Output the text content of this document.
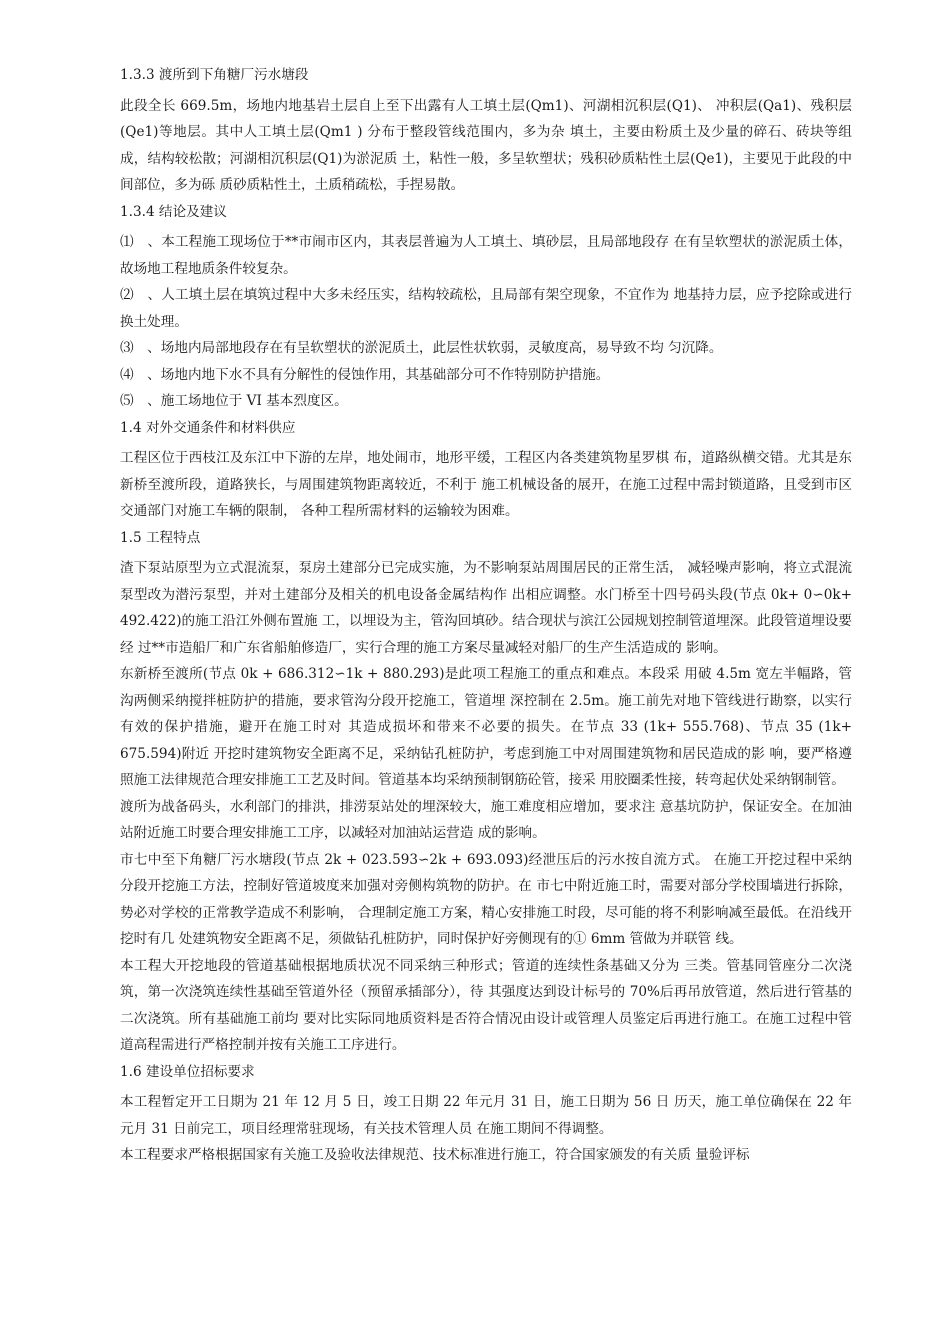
1.3.3 渡所到下角糖厂污水塘段

此段全长 669.5m，场地内地基岩土层自上至下出露有人工填土层(Qm1)、河湖相沉积层(Q1)、 冲积层(Qa1)、残积层(Qe1)等地层。其中人工填土层(Qm1 ) 分布于整段管线范围内，多为杂 填土，主要由粉质土及少量的碎石、砖块等组成，结构较松散；河湖相沉积层(Q1)为淤泥质 土，粘性一般，多呈软塑状；残积砂质粘性土层(Qe1)，主要见于此段的中间部位，多为砾 质砂质粘性土，土质稍疏松，手捏易散。

1.3.4 结论及建议

⑴　、本工程施工现场位于**市闹市区内，其表层普遍为人工填土、填砂层，且局部地段存 在有呈软塑状的淤泥质土体，故场地工程地质条件较复杂。

⑵　、人工填土层在填筑过程中大多未经压实，结构较疏松，且局部有架空现象，不宜作为 地基持力层，应予挖除或进行换土处理。

⑶　、场地内局部地段存在有呈软塑状的淤泥质土，此层性状软弱，灵敏度高，易导致不均 匀沉降。

⑷　、场地内地下水不具有分解性的侵蚀作用，其基础部分可不作特别防护措施。

⑸　、施工场地位于 VI 基本烈度区。

1.4 对外交通条件和材料供应

工程区位于西枝江及东江中下游的左岸，地处闹市，地形平缓，工程区内各类建筑物星罗棋 布，道路纵横交错。尤其是东新桥至渡所段，道路狭长，与周围建筑物距离较近，不利于 施工机械设备的展开，在施工过程中需封锁道路，且受到市区交通部门对施工车辆的限制， 各种工程所需材料的运输较为困难。

1.5 工程特点

渣下泵站原型为立式混流泵，泵房土建部分已完成实施，为不影响泵站周围居民的正常生活， 减轻噪声影响，将立式混流泵型改为潜污泵型，并对土建部分及相关的机电设备金属结构作 出相应调整。水门桥至十四号码头段(节点 0k+ 0∽0k+ 492.422)的施工沿江外侧布置施 工，以埋设为主，管沟回填砂。结合现状与滨江公园规划控制管道埋深。此段管道埋设要经 过**市造船厂和广东省船舶修造厂，实行合理的施工方案尽量减轻对船厂的生产生活造成的 影响。

东新桥至渡所(节点 0k + 686.312∽1k + 880.293)是此项工程施工的重点和难点。本段采 用破 4.5m 宽左半幅路，管沟两侧采纳搅拌桩防护的措施，要求管沟分段开挖施工，管道埋 深控制在 2.5m。施工前先对地下管线进行勘察，以实行有效的保护措施，避开在施工时对 其造成损坏和带来不必要的损失。在节点 33 (1k+ 555.768)、节点 35 (1k+ 675.594)附近 开挖时建筑物安全距离不足，采纳钻孔桩防护，考虑到施工中对周围建筑物和居民造成的影 响，要严格遵照施工法律规范合理安排施工工艺及时间。管道基本均采纳预制钢筋砼管，接采 用胶圈柔性接，转弯起伏处采纳钢制管。

渡所为战备码头，水利部门的排洪，排涝泵站处的埋深较大，施工难度相应增加，要求注 意基坑防护，保证安全。在加油站附近施工时要合理安排施工工序，以减轻对加油站运营造 成的影响。

市七中至下角糖厂污水塘段(节点 2k + 023.593∽2k + 693.093)经泄压后的污水按自流方式。 在施工开挖过程中采纳分段开挖施工方法，控制好管道坡度来加强对旁侧构筑物的防护。在 市七中附近施工时，需要对部分学校围墙进行拆除，势必对学校的正常教学造成不利影响， 合理制定施工方案，精心安排施工时段，尽可能的将不利影响减至最低。在沿线开挖时有几 处建筑物安全距离不足，须做钻孔桩防护，同时保护好旁侧现有的① 6mm 管做为并联管 线。

本工程大开挖地段的管道基础根据地质状况不同采纳三种形式；管道的连续性条基础又分为 三类。管基同管座分二次浇筑，第一次浇筑连续性基础至管道外径（预留承插部分），待 其强度达到设计标号的 70%后再吊放管道，然后进行管基的二次浇筑。所有基础施工前均 要对比实际同地质资料是否符合情况由设计或管理人员鉴定后再进行施工。在施工过程中管 道高程需进行严格控制并按有关施工工序进行。

1.6 建设单位招标要求

本工程暂定开工日期为 21 年 12 月 5 日，竣工日期 22 年元月 31 日，施工日期为 56 日 历天，施工单位确保在 22 年元月 31 日前完工，项目经理常驻现场，有关技术管理人员 在施工期间不得调整。

本工程要求严格根据国家有关施工及验收法律规范、技术标准进行施工，符合国家颁发的有关质 量验评标
